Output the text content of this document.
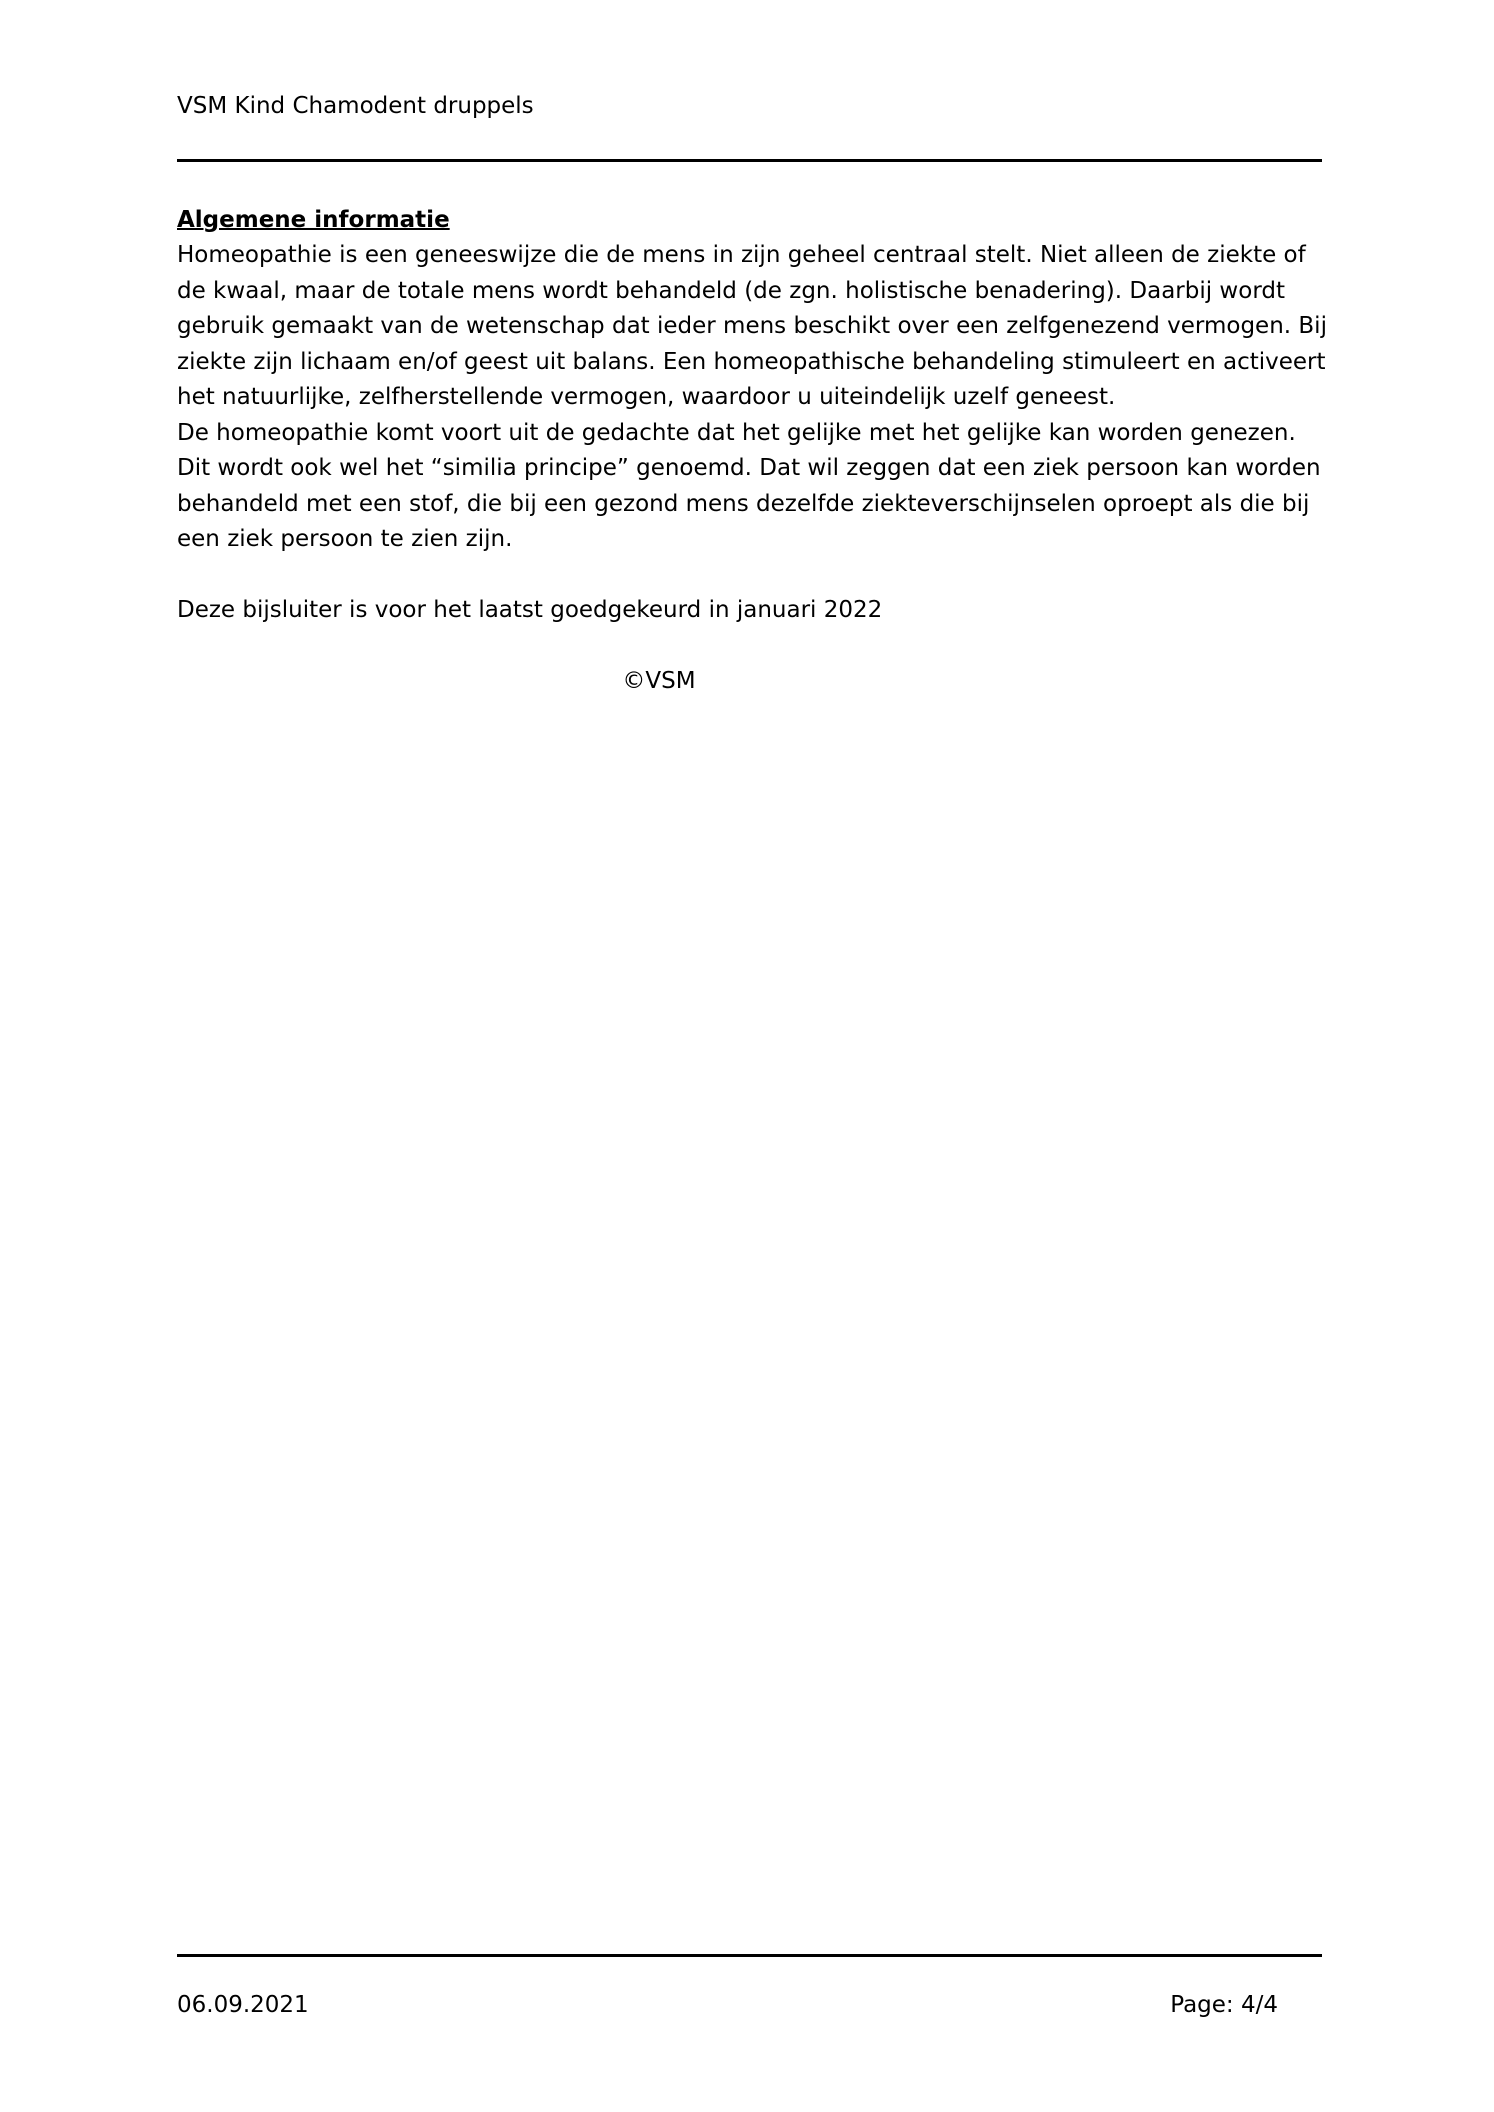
VSM Kind Chamodent druppels
Algemene informatie
Homeopathie is een geneeswijze die de mens in zijn geheel centraal stelt. Niet alleen de ziekte of
de kwaal, maar de totale mens wordt behandeld (de zgn. holistische benadering). Daarbij wordt
gebruik gemaakt van de wetenschap dat ieder mens beschikt over een zelfgenezend vermogen. Bij
ziekte zijn lichaam en/of geest uit balans. Een homeopathische behandeling stimuleert en activeert
het natuurlijke, zelfherstellende vermogen, waardoor u uiteindelijk uzelf geneest.
De homeopathie komt voort uit de gedachte dat het gelijke met het gelijke kan worden genezen.
Dit wordt ook wel het “similia principe” genoemd. Dat wil zeggen dat een ziek persoon kan worden
behandeld met een stof, die bij een gezond mens dezelfde ziekteverschijnselen oproept als die bij
een ziek persoon te zien zijn.
Deze bijsluiter is voor het laatst goedgekeurd in januari 2022
©VSM
06.09.2021	Page: 4/4
